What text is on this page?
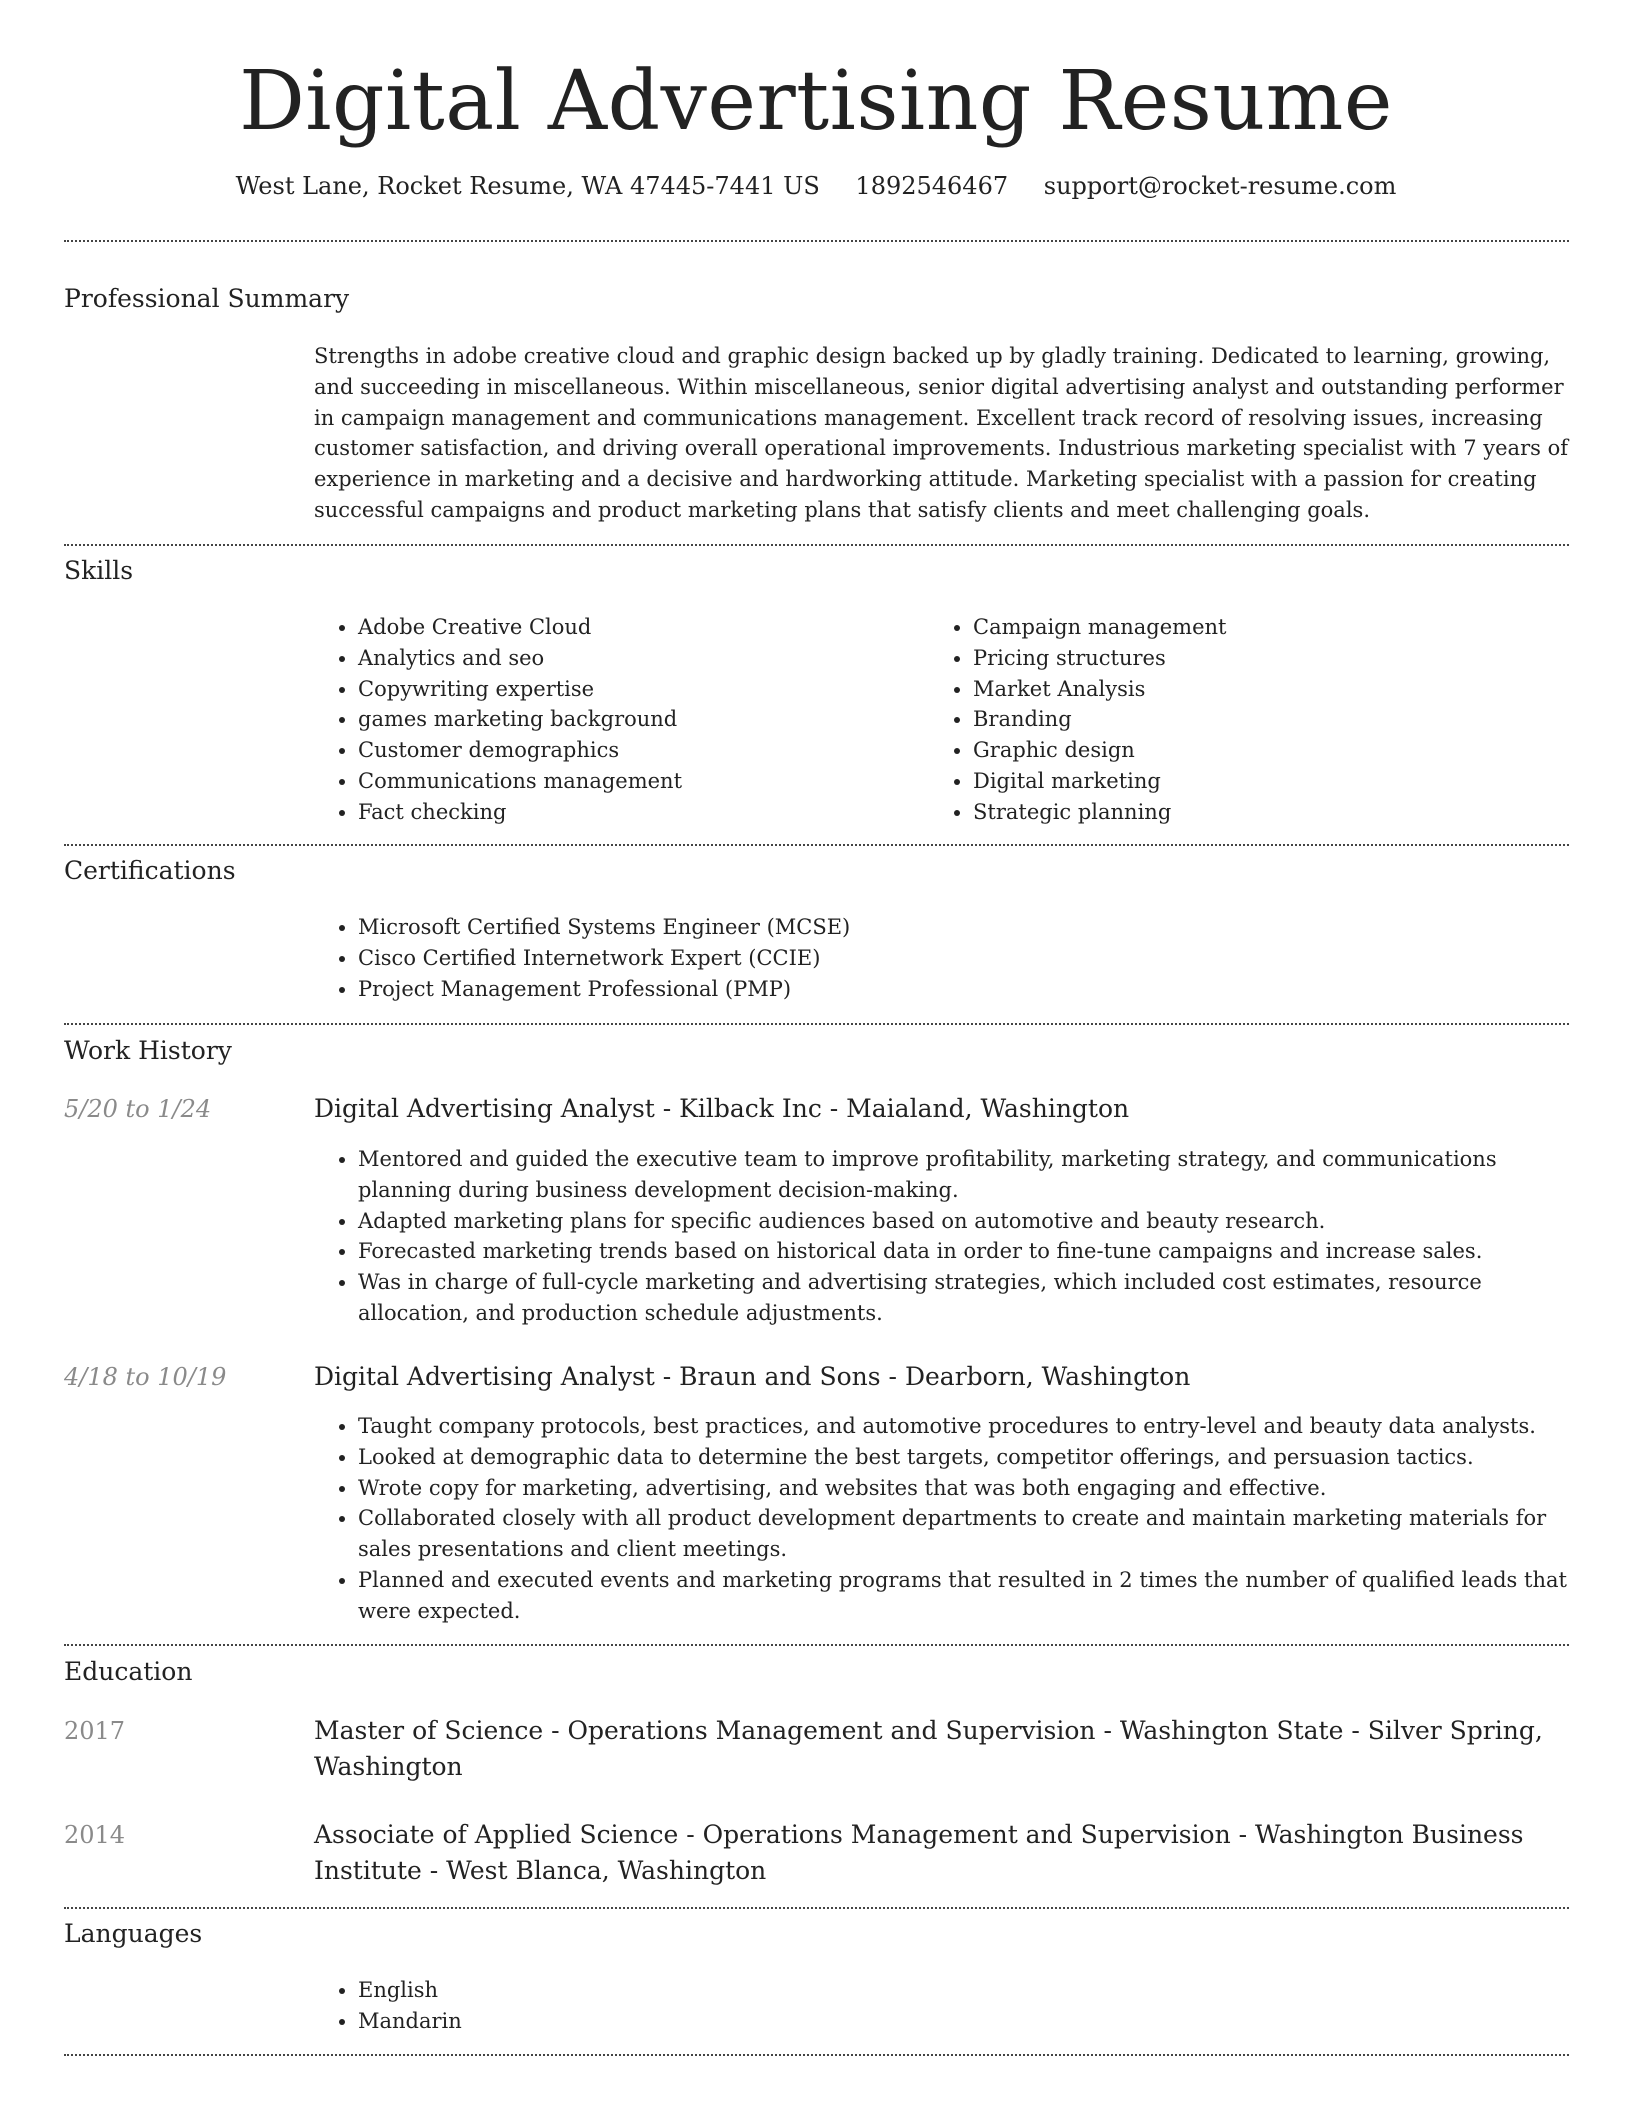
Digital Advertising Resume
West Lane, Rocket Resume, WA 47445-7441 US 1892546467 support@rocket-resume.com
Professional Summary
Strengths in adobe creative cloud and graphic design backed up by gladly training. Dedicated to learning, growing, and succeeding in miscellaneous. Within miscellaneous, senior digital advertising analyst and outstanding performer in campaign management and communications management. Excellent track record of resolving issues, increasing customer satisfaction, and driving overall operational improvements. Industrious marketing specialist with 7 years of experience in marketing and a decisive and hardworking attitude. Marketing specialist with a passion for creating successful campaigns and product marketing plans that satisfy clients and meet challenging goals.
Skills
• Adobe Creative Cloud
• Analytics and seo
• Copywriting expertise
• games marketing background
• Customer demographics
• Communications management
• Fact checking
• Campaign management
• Pricing structures
• Market Analysis
• Branding
• Graphic design
• Digital marketing
• Strategic planning
Certifications
• Microsoft Certified Systems Engineer (MCSE)
• Cisco Certified Internetwork Expert (CCIE)
• Project Management Professional (PMP)
Work History
5/20 to 1/24	Digital Advertising Analyst - Kilback Inc - Maialand, Washington
• Mentored and guided the executive team to improve profitability, marketing strategy, and communications planning during business development decision-making.
• Adapted marketing plans for specific audiences based on automotive and beauty research.
• Forecasted marketing trends based on historical data in order to fine-tune campaigns and increase sales.
• Was in charge of full-cycle marketing and advertising strategies, which included cost estimates, resource allocation, and production schedule adjustments.
4/18 to 10/19	Digital Advertising Analyst - Braun and Sons - Dearborn, Washington
• Taught company protocols, best practices, and automotive procedures to entry-level and beauty data analysts.
• Looked at demographic data to determine the best targets, competitor offerings, and persuasion tactics.
• Wrote copy for marketing, advertising, and websites that was both engaging and effective.
• Collaborated closely with all product development departments to create and maintain marketing materials for sales presentations and client meetings.
• Planned and executed events and marketing programs that resulted in 2 times the number of qualified leads that were expected.
Education
2017	Master of Science - Operations Management and Supervision - Washington State - Silver Spring, Washington
2014	Associate of Applied Science - Operations Management and Supervision - Washington Business Institute - West Blanca, Washington
Languages
• English
• Mandarin
